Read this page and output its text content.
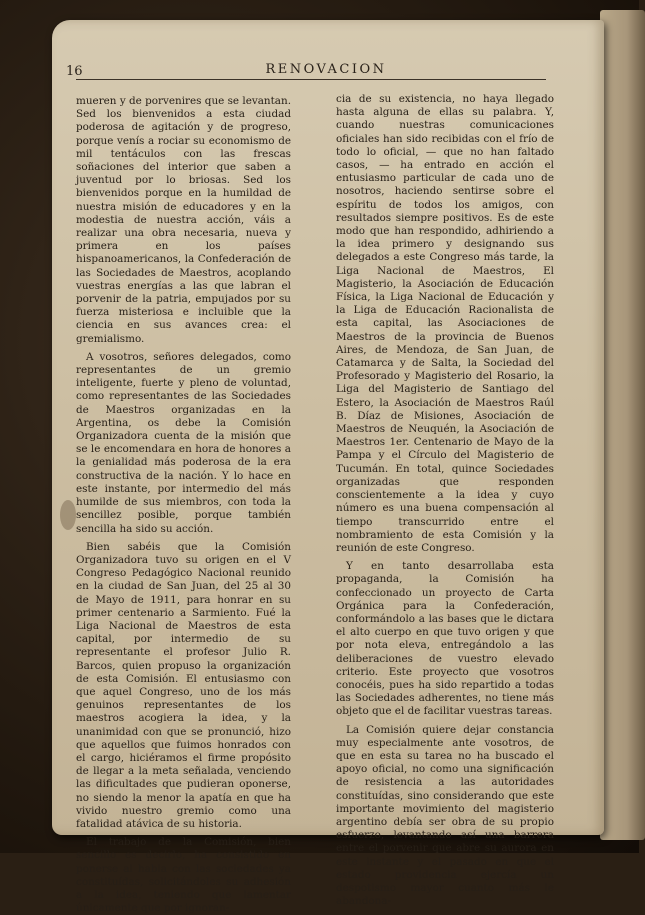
16	RENOVACION

mueren y de porvenires que se levantan. Sed los bienvenidos a esta ciudad poderosa de agitación y de progreso, porque venís a rociar su economismo de mil tentáculos con las frescas soñaciones del interior que saben a juventud por lo briosas. Sed los bienvenidos porque en la humildad de nuestra misión de educadores y en la modestia de nuestra acción, váis a realizar una obra necesaria, nueva y primera en los países hispanoamericanos, la Confederación de las Sociedades de Maestros, acoplando vuestras energías a las que labran el porvenir de la patria, empujados por su fuerza misteriosa e incluible que la ciencia en sus avances crea: el gremialismo.

A vosotros, señores delegados, como representantes de un gremio inteligente, fuerte y pleno de voluntad, como representantes de las Sociedades de Maestros organizadas en la Argentina, os debe la Comisión Organizadora cuenta de la misión que se le encomendara en hora de honores a la genialidad más poderosa de la era constructiva de la nación. Y lo hace en este instante, por intermedio del más humilde de sus miembros, con toda la sencillez posible, porque también sencilla ha sido su acción.

Bien sabéis que la Comisión Organizadora tuvo su origen en el V Congreso Pedagógico Nacional reunido en la ciudad de San Juan, del 25 al 30 de Mayo de 1911, para honrar en su primer centenario a Sarmiento. Fué la Liga Nacional de Maestros de esta capital, por intermedio de su representante el profesor Julio R. Barcos, quien propuso la organización de esta Comisión. El entusiasmo con que aquel Congreso, uno de los más genuinos representantes de los maestros acogiera la idea, y la unanimidad con que se pronunció, hizo que aquellos que fuimos honrados con el cargo, hiciéramos el firme propósito de llegar a la meta señalada, venciendo las dificultades que pudieran oponerse, no siendo la menor la apatía en que ha vivido nuestro gremio como una fatalidad atávica de su historia.

El trabajo de la Comisión, bien sencillo es decirlo, ha consistido en ponerse al habla con las sociedades ya constituídas, solicitándoles su adhesión a la idea, teniendo que lamentar únicamente que por ignoran-

cia de su existencia, no haya llegado hasta alguna de ellas su palabra. Y, cuando nuestras comunicaciones oficiales han sido recibidas con el frío de todo lo oficial, — que no han faltado casos, — ha entrado en acción el entusiasmo particular de cada uno de nosotros, haciendo sentirse sobre el espíritu de todos los amigos, con resultados siempre positivos. Es de este modo que han respondido, adhiriendo a la idea primero y designando sus delegados a este Congreso más tarde, la Liga Nacional de Maestros, El Magisterio, la Asociación de Educación Física, la Liga Nacional de Educación y la Liga de Educación Racionalista de esta capital, las Asociaciones de Maestros de la provincia de Buenos Aires, de Mendoza, de San Juan, de Catamarca y de Salta, la Sociedad del Profesorado y Magisterio del Rosario, la Liga del Magisterio de Santiago del Estero, la Asociación de Maestros Raúl B. Díaz de Misiones, Asociación de Maestros de Neuquén, la Asociación de Maestros 1er. Centenario de Mayo de la Pampa y el Círculo del Magisterio de Tucumán. En total, quince Sociedades organizadas que responden conscientemente a la idea y cuyo número es una buena compensación al tiempo transcurrido entre el nombramiento de esta Comisión y la reunión de este Congreso.

Y en tanto desarrollaba esta propaganda, la Comisión ha confeccionado un proyecto de Carta Orgánica para la Confederación, conformándolo a las bases que le dictara el alto cuerpo en que tuvo origen y que por nota eleva, entregándolo a las deliberaciones de vuestro elevado criterio. Este proyecto que vosotros conocéis, pues ha sido repartido a todas las Sociedades adherentes, no tiene más objeto que el de facilitar vuestras tareas.

La Comisión quiere dejar constancia muy especialmente ante vosotros, de que en esta su tarea no ha buscado el apoyo oficial, no como una significación de resistencia a las autoridades constituídas, sino considerando que este importante movimiento del magisterio argentino debía ser obra de su propio esfuerzo, levantando así una barrera entre el porvenir que abre su aurora en este instante y el pasado en que el estado providencia ejercía un despotismo mayor cuanto más le abandona-
